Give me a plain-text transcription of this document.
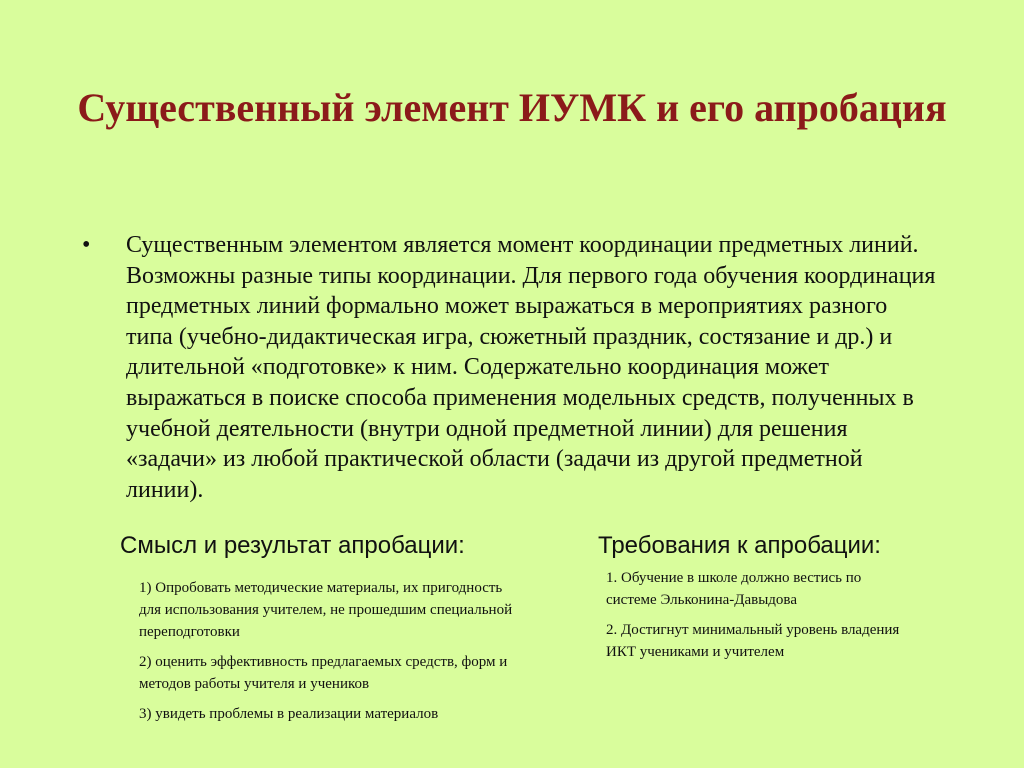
Существенный элемент ИУМК и его апробация
• Существенным элементом является момент координации предметных линий. Возможны разные типы координации. Для первого года обучения координация предметных линий формально может выражаться в мероприятиях разного типа (учебно-дидактическая игра, сюжетный праздник, состязание и др.) и длительной «подготовке» к ним. Содержательно координация может выражаться в поиске способа применения модельных средств, полученных в учебной деятельности (внутри одной предметной линии) для решения «задачи» из любой практической области (задачи из другой предметной линии).
Смысл и результат апробации:	Требования к апробации:
1) Опробовать методические материалы, их пригодность для использования учителем, не прошедшим специальной переподготовки
2) оценить эффективность предлагаемых средств, форм и методов работы учителя и учеников
3) увидеть проблемы в реализации материалов
1. Обучение в школе должно вестись по системе Эльконина-Давыдова
2. Достигнут минимальный уровень владения ИКТ учениками и учителем
